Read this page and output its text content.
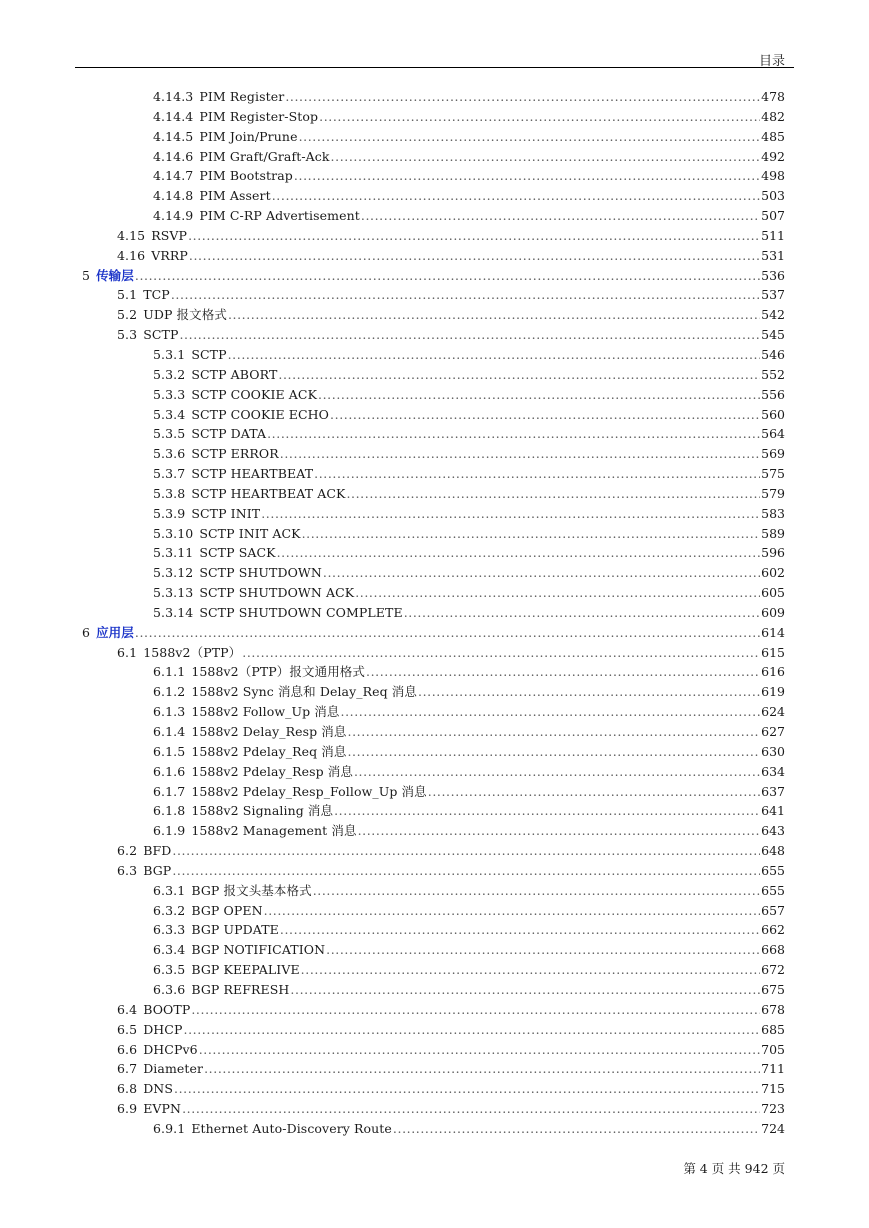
目录
4.14.3 PIM Register .....	478
4.14.4 PIM Register-Stop .....	482
4.14.5 PIM Join/Prune .....	485
4.14.6 PIM Graft/Graft-Ack .....	492
4.14.7 PIM Bootstrap .....	498
4.14.8 PIM Assert .....	503
4.14.9 PIM C-RP Advertisement .....	507
4.15 RSVP .....	511
4.16 VRRP .....	531
5 传输层 .....	536
5.1 TCP .....	537
5.2 UDP 报文格式 .....	542
5.3 SCTP .....	545
5.3.1 SCTP .....	546
5.3.2 SCTP ABORT .....	552
5.3.3 SCTP COOKIE ACK .....	556
5.3.4 SCTP COOKIE ECHO .....	560
5.3.5 SCTP DATA .....	564
5.3.6 SCTP ERROR .....	569
5.3.7 SCTP HEARTBEAT .....	575
5.3.8 SCTP HEARTBEAT ACK .....	579
5.3.9 SCTP INIT .....	583
5.3.10 SCTP INIT ACK .....	589
5.3.11 SCTP SACK .....	596
5.3.12 SCTP SHUTDOWN .....	602
5.3.13 SCTP SHUTDOWN ACK .....	605
5.3.14 SCTP SHUTDOWN COMPLETE .....	609
6 应用层 .....	614
6.1 1588v2（PTP） .....	615
6.1.1 1588v2（PTP）报文通用格式 .....	616
6.1.2 1588v2 Sync 消息和 Delay_Req 消息 .....	619
6.1.3 1588v2 Follow_Up 消息 .....	624
6.1.4 1588v2 Delay_Resp 消息 .....	627
6.1.5 1588v2 Pdelay_Req 消息 .....	630
6.1.6 1588v2 Pdelay_Resp 消息 .....	634
6.1.7 1588v2 Pdelay_Resp_Follow_Up 消息 .....	637
6.1.8 1588v2 Signaling 消息 .....	641
6.1.9 1588v2 Management 消息 .....	643
6.2 BFD .....	648
6.3 BGP .....	655
6.3.1 BGP 报文头基本格式 .....	655
6.3.2 BGP OPEN .....	657
6.3.3 BGP UPDATE .....	662
6.3.4 BGP NOTIFICATION .....	668
6.3.5 BGP KEEPALIVE .....	672
6.3.6 BGP REFRESH .....	675
6.4 BOOTP .....	678
6.5 DHCP .....	685
6.6 DHCPv6 .....	705
6.7 Diameter .....	711
6.8 DNS .....	715
6.9 EVPN .....	723
6.9.1 Ethernet Auto-Discovery Route .....	724
第 4 页 共 942 页
